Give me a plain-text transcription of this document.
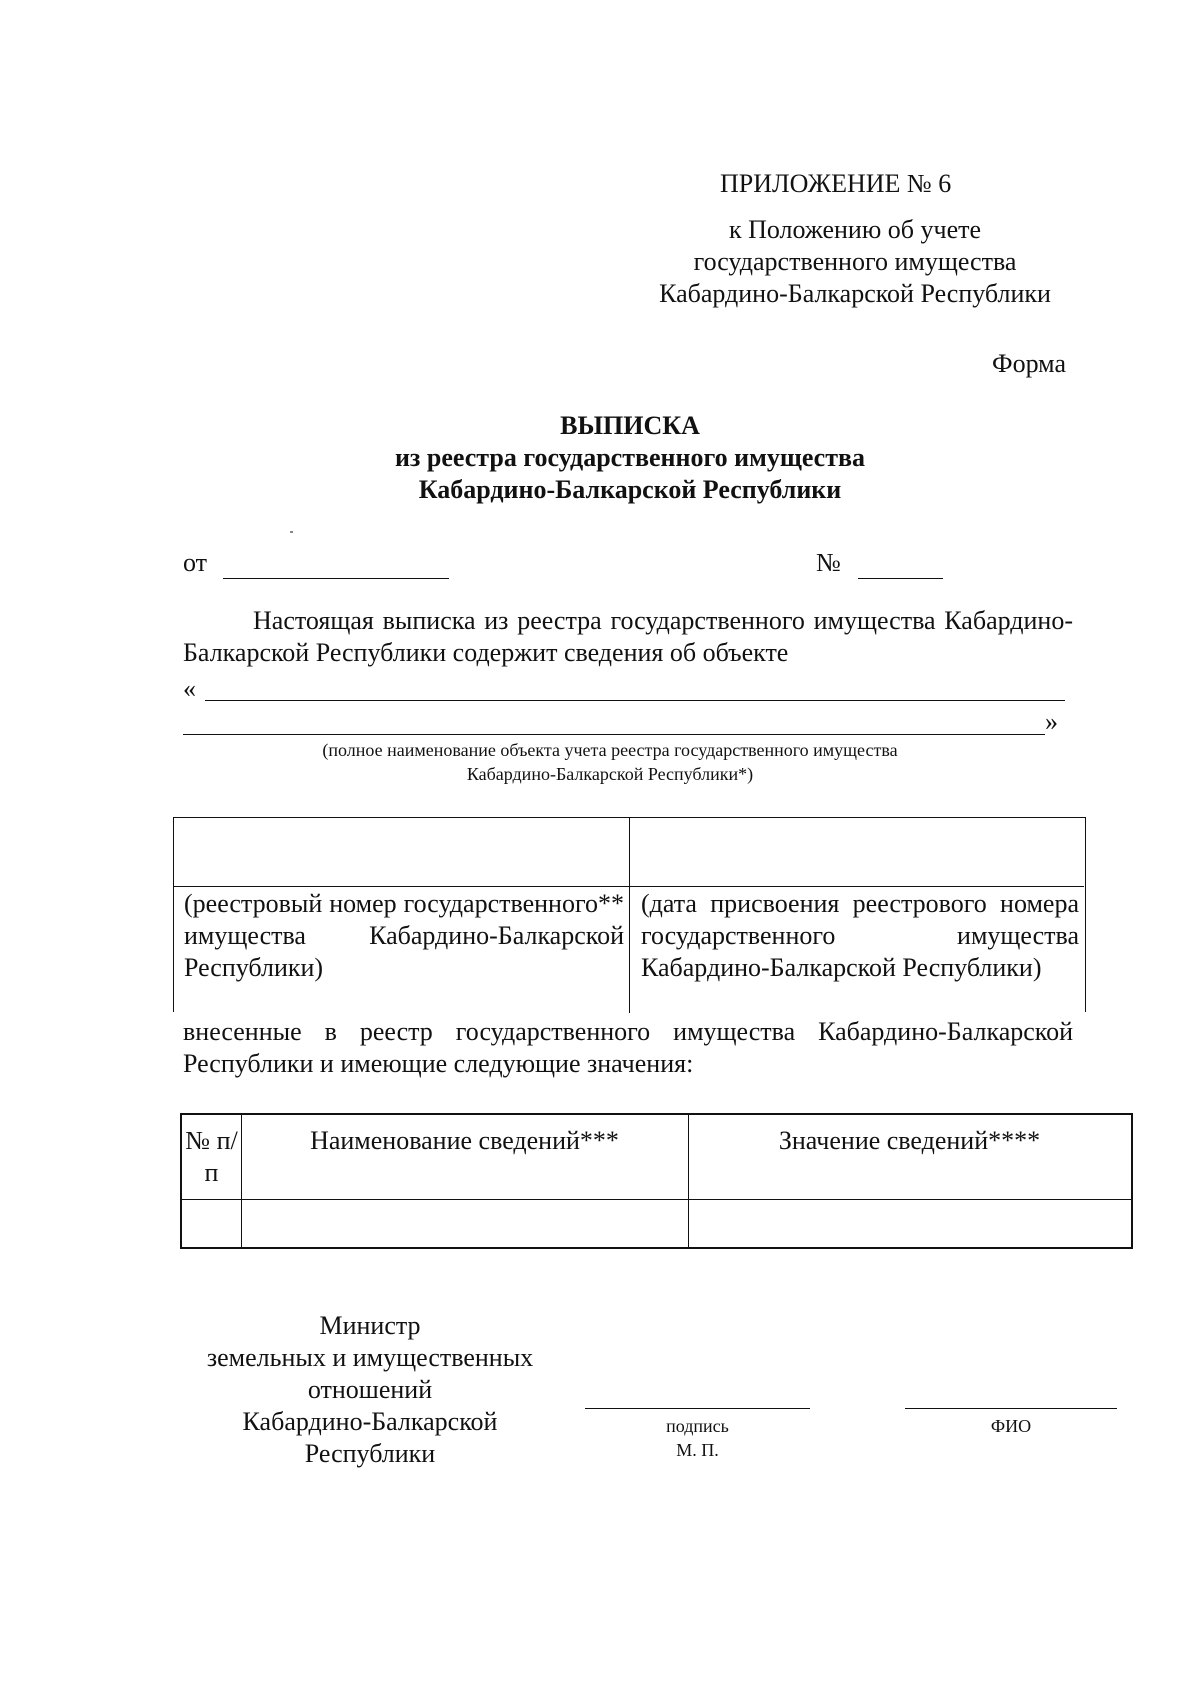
ПРИЛОЖЕНИЕ № 6
к Положению об учете
государственного имущества
Кабардино-Балкарской Республики
Форма
ВЫПИСКА
из реестра государственного имущества
Кабардино-Балкарской Республики
от	№
Настоящая выписка из реестра государственного имущества Кабардино-Балкарской Республики содержит сведения об объекте
«
»
(полное наименование объекта учета реестра государственного имущества
Кабардино-Балкарской Республики*)
(реестровый номер государственного** имущества Кабардино-Балкарской Республики)
(дата присвоения реестрового номера государственного имущества Кабардино-Балкарской Республики)
внесенные в реестр государственного имущества Кабардино-Балкарской Республики и имеющие следующие значения:
№ п/п
Наименование сведений***	Значение сведений****
Министр
земельных и имущественных
отношений
Кабардино-Балкарской
Республики
подпись
М. П.
ФИО
